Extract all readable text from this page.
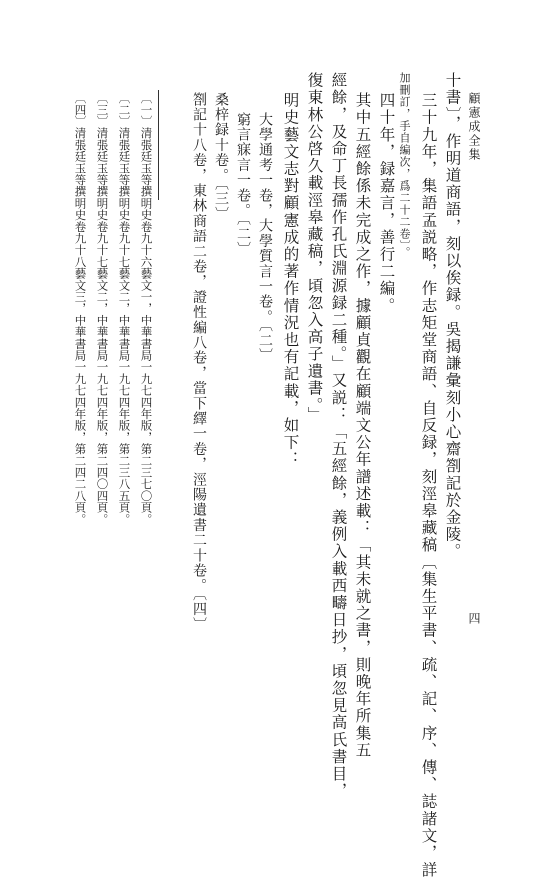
顧憲成全集
四
十書〕，作明道商語，刻以俟録。吳揭謙彙刻小心齋劄記於金陵。
三十九年，集語孟説略，作志矩堂商語、自反録，刻涇皋藏稿〔集生平書、疏、記、序、傳、誌諸文，詳
加刪訂，手自編次，爲二十二卷〕。
四十年，録嘉言，善行二編。
其中五經餘係未完成之作，據顧貞觀在顧端文公年譜述載：「其未就之書，則晚年所集五
經餘，及命丁長孺作孔氏淵源録二種。」又説：「五經餘，義例入載西疇日抄，頃忽見高氏書目，
復東林公啓久載涇皋藏稿，頃忽入高子遺書。」
明史藝文志對顧憲成的著作情況也有記載，如下：
大學通考一卷，大學質言一卷。〔二〕
窮言寐言一卷。〔二〕
桑梓録十卷。〔三〕
劄記十八卷，東林商語二卷，證性編八卷，當下繹一卷，涇陽遺書二十卷。〔四〕
〔一〕清張廷玉等撰明史卷九十六藝文一，中華書局一九七四年版，第二三七〇頁。
〔二〕清張廷玉等撰明史卷九十七藝文二，中華書局一九七四年版，第二三八五頁。
〔三〕清張廷玉等撰明史卷九十七藝文二，中華書局一九七四年版，第二四〇四頁。
〔四〕清張廷玉等撰明史卷九十八藝文三，中華書局一九七四年版，第二四二八頁。
